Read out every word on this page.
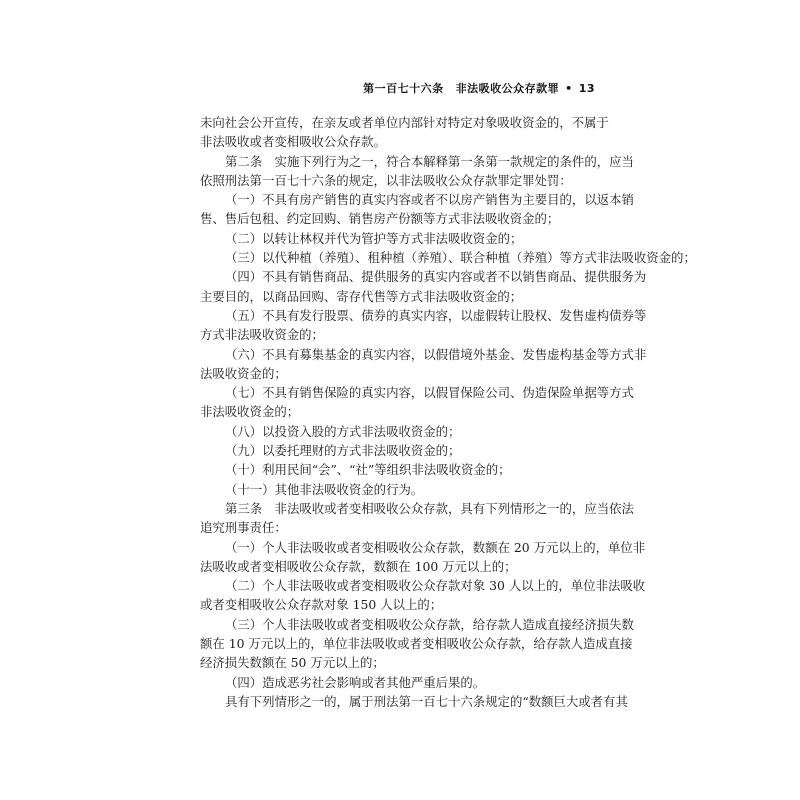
第一百七十六条 非法吸收公众存款罪 • 13
未向社会公开宣传，在亲友或者单位内部针对特定对象吸收资金的，不属于
非法吸收或者变相吸收公众存款。
第二条　实施下列行为之一，符合本解释第一条第一款规定的条件的，应当
依照刑法第一百七十六条的规定，以非法吸收公众存款罪定罪处罚：
（一）不具有房产销售的真实内容或者不以房产销售为主要目的，以返本销
售、售后包租、约定回购、销售房产份额等方式非法吸收资金的；
（二）以转让林权并代为管护等方式非法吸收资金的；
（三）以代种植（养殖）、租种植（养殖）、联合种植（养殖）等方式非法吸收资金的；
（四）不具有销售商品、提供服务的真实内容或者不以销售商品、提供服务为
主要目的，以商品回购、寄存代售等方式非法吸收资金的；
（五）不具有发行股票、债券的真实内容，以虚假转让股权、发售虚构债券等
方式非法吸收资金的；
（六）不具有募集基金的真实内容，以假借境外基金、发售虚构基金等方式非
法吸收资金的；
（七）不具有销售保险的真实内容，以假冒保险公司、伪造保险单据等方式
非法吸收资金的；
（八）以投资入股的方式非法吸收资金的；
（九）以委托理财的方式非法吸收资金的；
（十）利用民间“会”、“社”等组织非法吸收资金的；
（十一）其他非法吸收资金的行为。
第三条　非法吸收或者变相吸收公众存款，具有下列情形之一的，应当依法
追究刑事责任：
（一）个人非法吸收或者变相吸收公众存款，数额在 20 万元以上的，单位非
法吸收或者变相吸收公众存款，数额在 100 万元以上的；
（二）个人非法吸收或者变相吸收公众存款对象 30 人以上的，单位非法吸收
或者变相吸收公众存款对象 150 人以上的；
（三）个人非法吸收或者变相吸收公众存款，给存款人造成直接经济损失数
额在 10 万元以上的，单位非法吸收或者变相吸收公众存款，给存款人造成直接
经济损失数额在 50 万元以上的；
（四）造成恶劣社会影响或者其他严重后果的。
具有下列情形之一的，属于刑法第一百七十六条规定的“数额巨大或者有其
